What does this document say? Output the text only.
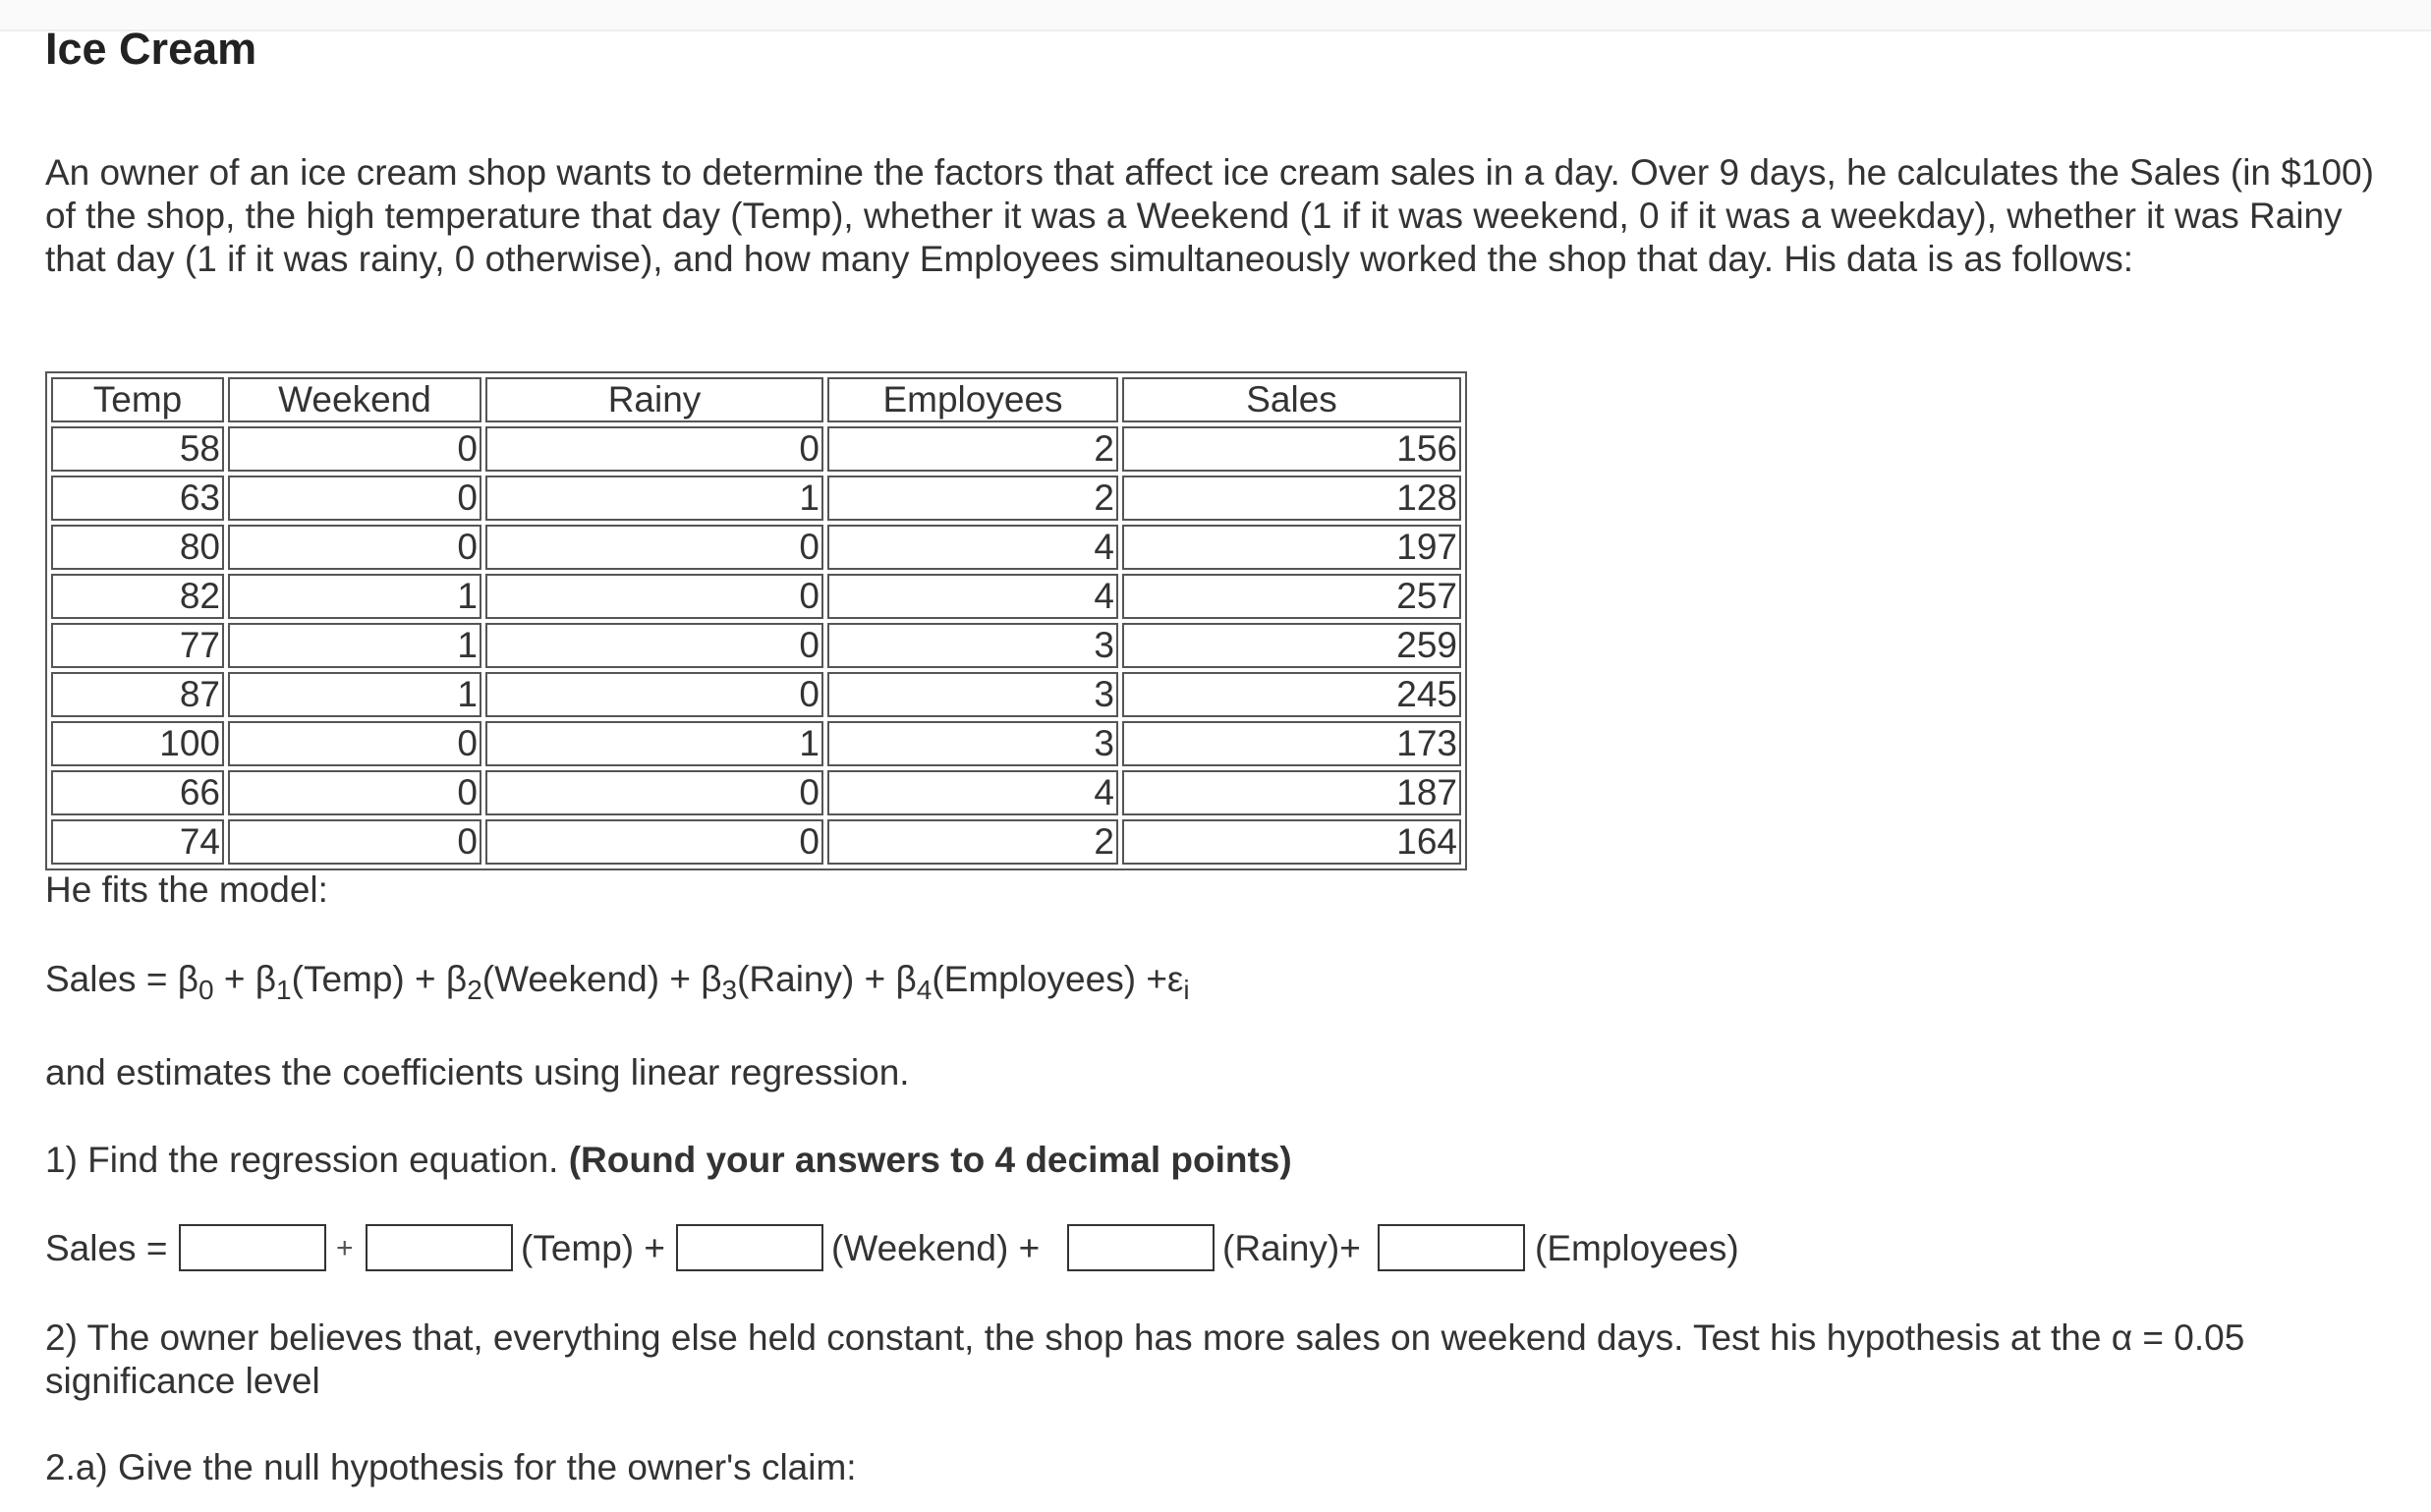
Ice Cream
An owner of an ice cream shop wants to determine the factors that affect ice cream sales in a day. Over 9 days, he calculates the Sales (in $100) of the shop, the high temperature that day (Temp), whether it was a Weekend (1 if it was weekend, 0 if it was a weekday), whether it was Rainy that day (1 if it was rainy, 0 otherwise), and how many Employees simultaneously worked the shop that day. His data is as follows:
Temp	Weekend	Rainy	Employees	Sales
58	0	0	2	156
63	0	1	2	128
80	0	0	4	197
82	1	0	4	257
77	1	0	3	259
87	1	0	3	245
100	0	1	3	173
66	0	0	4	187
74	0	0	2	164
He fits the model:
Sales = $\beta_0$ + $\beta_1(Temp)$ + $\beta_2(Weekend)$ + $\beta_3(Rainy)$ + $\beta_4(Employees) +\varepsilon_i$
and estimates the coefficients using linear regression.
1) Find the regression equation. (Round your answers to 4 decimal points)
Sales =	+	(Temp) +	(Weekend) +	(Rainy)+	(Employees)
2) The owner believes that, everything else held constant, the shop has more sales on weekend days. Test his hypothesis at the α = 0.05 significance level
2.a) Give the null hypothesis for the owner's claim:
